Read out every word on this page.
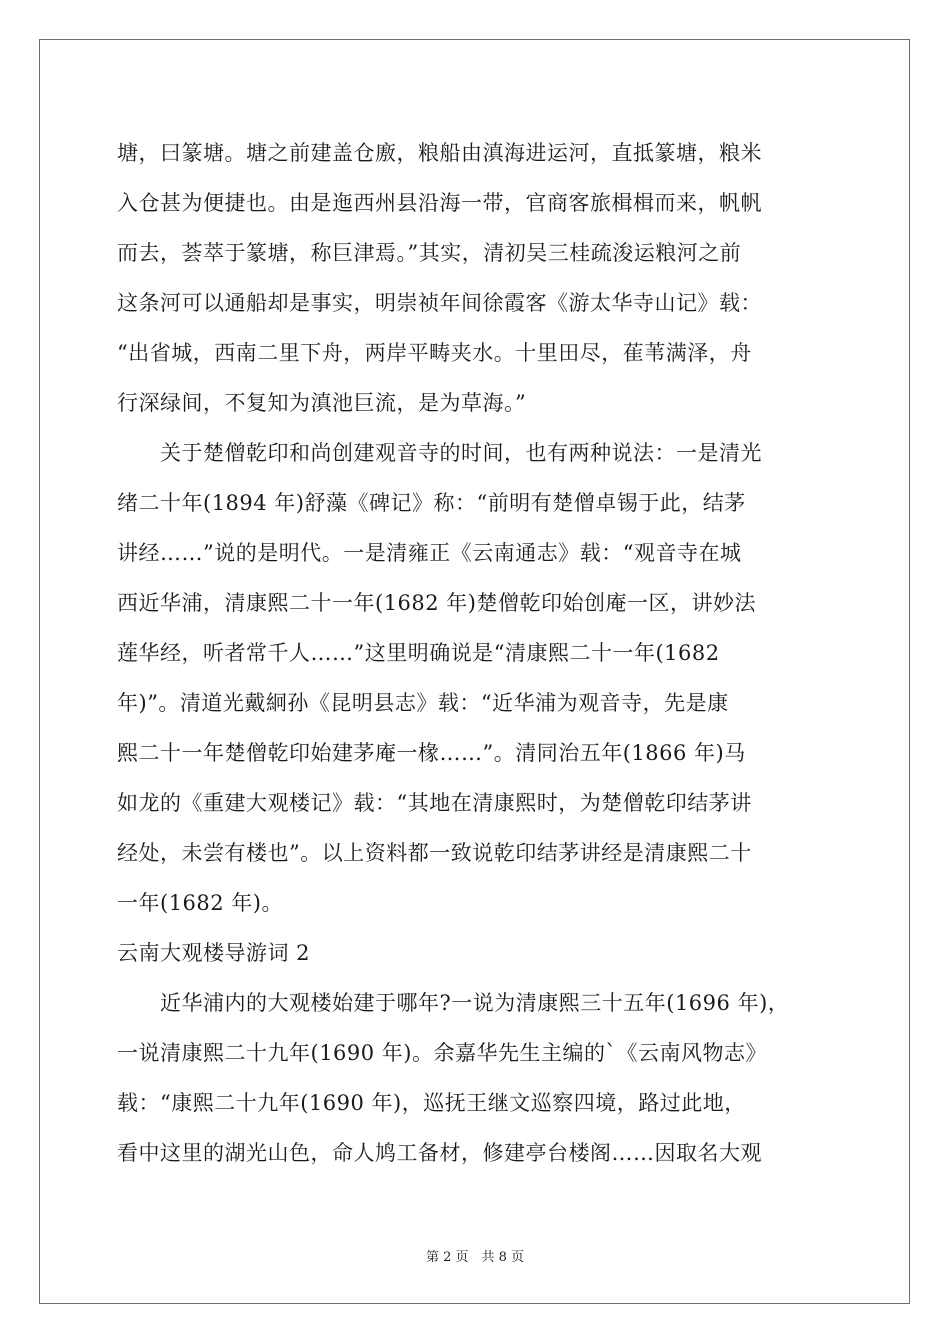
塘，曰篆塘。塘之前建盖仓廒，粮船由滇海进运河，直抵篆塘，粮米
入仓甚为便捷也。由是迤西州县沿海一带，官商客旅楫楫而来，帆帆
而去，荟萃于篆塘，称巨津焉。”其实，清初吴三桂疏浚运粮河之前
这条河可以通船却是事实，明崇祯年间徐霞客《游太华寺山记》载：
“出省城，西南二里下舟，两岸平畴夹水。十里田尽，萑苇满泽，舟
行深绿间，不复知为滇池巨流，是为草海。”
　　关于楚僧乾印和尚创建观音寺的时间，也有两种说法：一是清光
绪二十年(1894 年)舒藻《碑记》称：“前明有楚僧卓锡于此，结茅
讲经……”说的是明代。一是清雍正《云南通志》载：“观音寺在城
西近华浦，清康熙二十一年(1682 年)楚僧乾印始创庵一区，讲妙法
莲华经，听者常千人……”这里明确说是“清康熙二十一年(1682
年)”。清道光戴絅孙《昆明县志》载：“近华浦为观音寺，先是康
熙二十一年楚僧乾印始建茅庵一椽……”。清同治五年(1866 年)马
如龙的《重建大观楼记》载：“其地在清康熙时，为楚僧乾印结茅讲
经处，未尝有楼也”。以上资料都一致说乾印结茅讲经是清康熙二十
一年(1682 年)。
云南大观楼导游词 2
　　近华浦内的大观楼始建于哪年?一说为清康熙三十五年(1696 年)，
一说清康熙二十九年(1690 年)。余嘉华先生主编的`《云南风物志》
载：“康熙二十九年(1690 年)，巡抚王继文巡察四境，路过此地，
看中这里的湖光山色，命人鸠工备材，修建亭台楼阁……因取名大观
第 2 页　共 8 页
